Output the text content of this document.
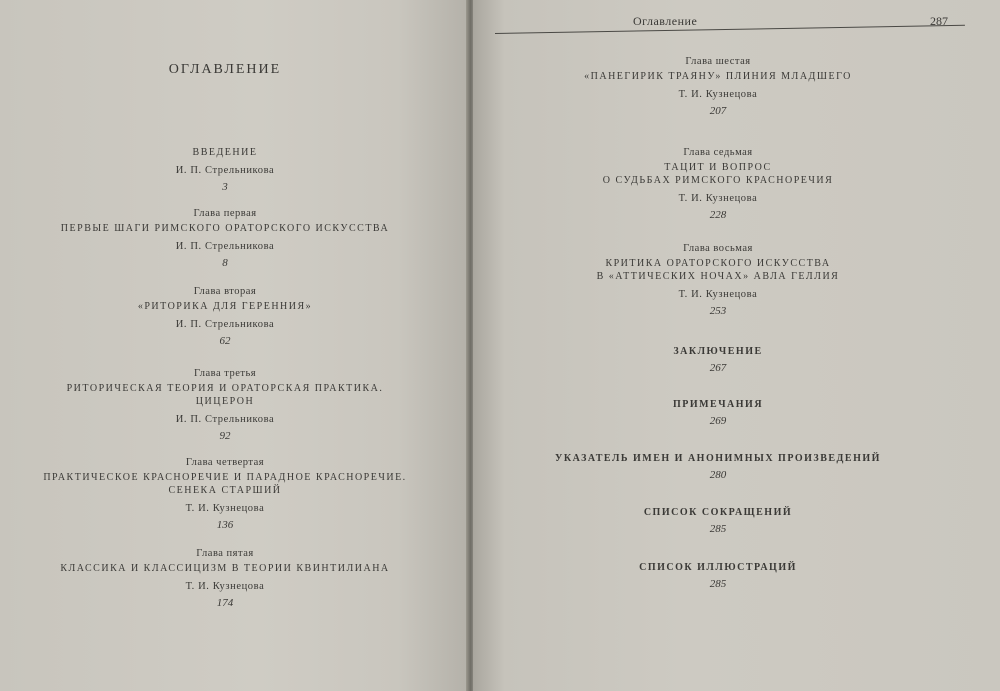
ОГЛАВЛЕНИЕ
ВВЕДЕНИЕ
И. П. Стрельникова
3
Глава первая
ПЕРВЫЕ ШАГИ РИМСКОГО ОРАТОРСКОГО ИСКУССТВА
И. П. Стрельникова
8
Глава вторая
«РИТОРИКА ДЛЯ ГЕРЕННИЯ»
И. П. Стрельникова
62
Глава третья
РИТОРИЧЕСКАЯ ТЕОРИЯ И ОРАТОРСКАЯ ПРАКТИКА.
ЦИЦЕРОН
И. П. Стрельникова
92
Глава четвертая
ПРАКТИЧЕСКОЕ КРАСНОРЕЧИЕ И ПАРАДНОЕ КРАСНОРЕЧИЕ.
СЕНЕКА СТАРШИЙ
Т. И. Кузнецова
136
Глава пятая
КЛАССИКА И КЛАССИЦИЗМ В ТЕОРИИ КВИНТИЛИАНА
Т. И. Кузнецова
174
Оглавление	287
Глава шестая
«ПАНЕГИРИК ТРАЯНУ» ПЛИНИЯ МЛАДШЕГО
Т. И. Кузнецова
207
Глава седьмая
ТАЦИТ И ВОПРОС
О СУДЬБАХ РИМСКОГО КРАСНОРЕЧИЯ
Т. И. Кузнецова
228
Глава восьмая
КРИТИКА ОРАТОРСКОГО ИСКУССТВА
В «АТТИЧЕСКИХ НОЧАХ» АВЛА ГЕЛЛИЯ
Т. И. Кузнецова
253
ЗАКЛЮЧЕНИЕ
267
ПРИМЕЧАНИЯ
269
УКАЗАТЕЛЬ ИМЕН И АНОНИМНЫХ ПРОИЗВЕДЕНИЙ
280
СПИСОК СОКРАЩЕНИЙ
285
СПИСОК ИЛЛЮСТРАЦИЙ
285
